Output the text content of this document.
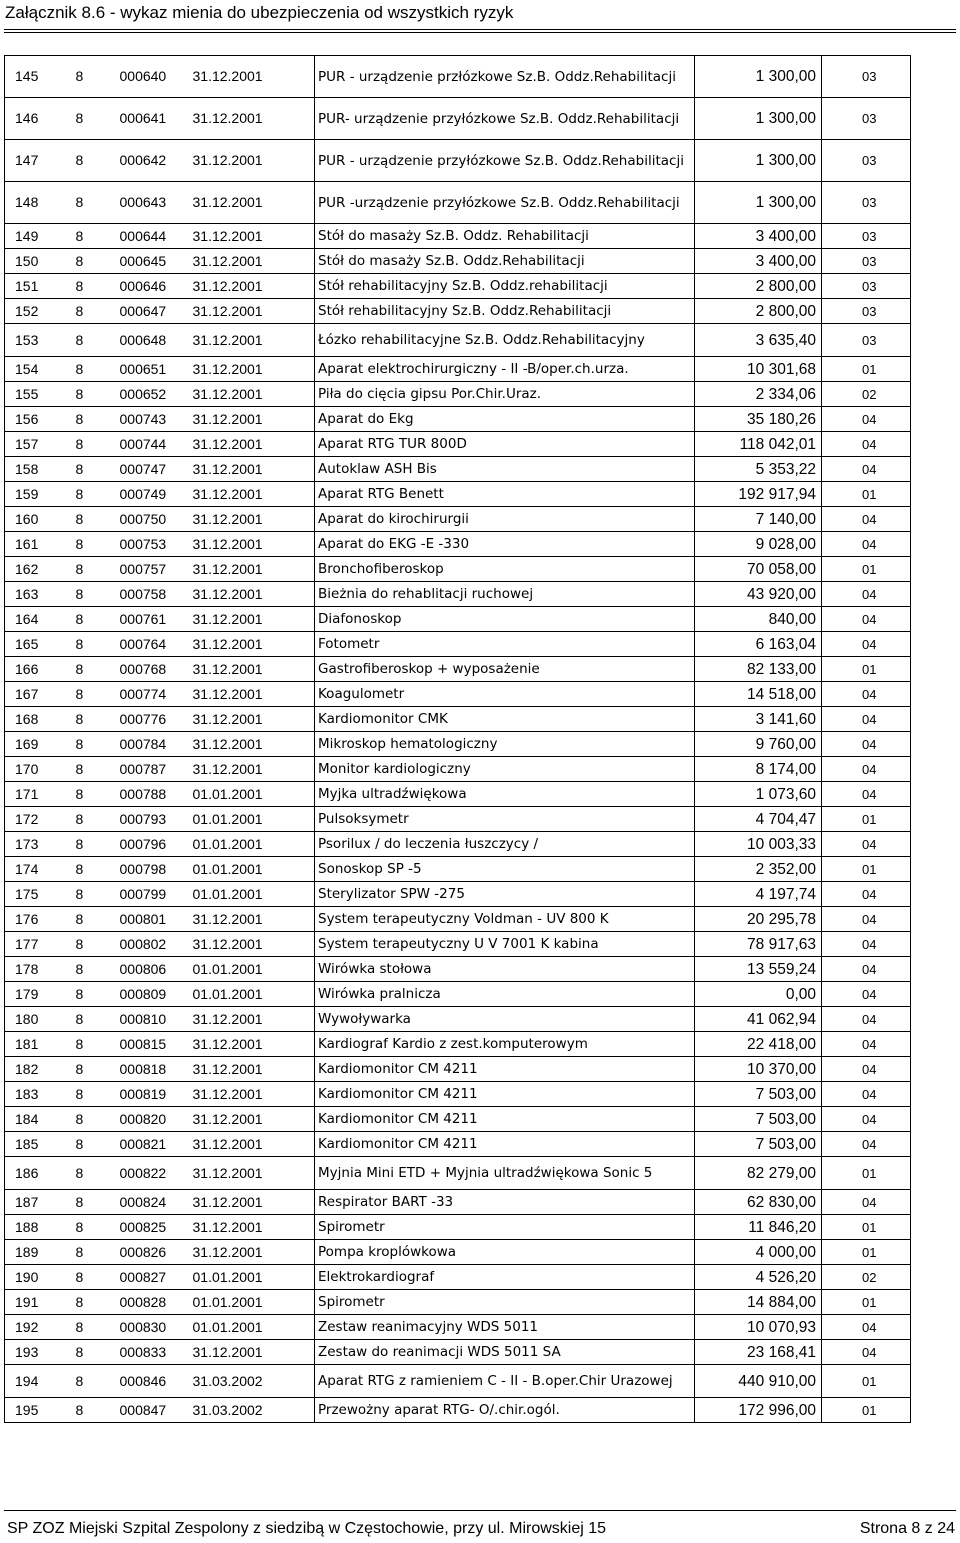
Załącznik 8.6 - wykaz mienia do ubezpieczenia od wszystkich ryzyk
145	8	000640	31.12.2001	PUR - urządzenie przłózkowe Sz.B. Oddz.Rehabilitacji	1 300,00	03
146	8	000641	31.12.2001	PUR- urządzenie przyłózkowe Sz.B. Oddz.Rehabilitacji	1 300,00	03
147	8	000642	31.12.2001	PUR - urządzenie przyłózkowe Sz.B. Oddz.Rehabilitacji	1 300,00	03
148	8	000643	31.12.2001	PUR -urządzenie przyłózkowe Sz.B. Oddz.Rehabilitacji	1 300,00	03
149	8	000644	31.12.2001	Stół do masaży Sz.B. Oddz. Rehabilitacji	3 400,00	03
150	8	000645	31.12.2001	Stół do masaży Sz.B. Oddz.Rehabilitacji	3 400,00	03
151	8	000646	31.12.2001	Stół rehabilitacyjny Sz.B. Oddz.rehabilitacji	2 800,00	03
152	8	000647	31.12.2001	Stół rehabilitacyjny Sz.B. Oddz.Rehabilitacji	2 800,00	03
153	8	000648	31.12.2001	Łózko rehabilitacyjne Sz.B. Oddz.Rehabilitacyjny	3 635,40	03
154	8	000651	31.12.2001	Aparat elektrochirurgiczny - II -B/oper.ch.urza.	10 301,68	01
155	8	000652	31.12.2001	Piła do cięcia gipsu Por.Chir.Uraz.	2 334,06	02
156	8	000743	31.12.2001	Aparat do Ekg	35 180,26	04
157	8	000744	31.12.2001	Aparat RTG TUR 800D	118 042,01	04
158	8	000747	31.12.2001	Autoklaw ASH Bis	5 353,22	04
159	8	000749	31.12.2001	Aparat RTG Benett	192 917,94	01
160	8	000750	31.12.2001	Aparat do kirochirurgii	7 140,00	04
161	8	000753	31.12.2001	Aparat do EKG -E -330	9 028,00	04
162	8	000757	31.12.2001	Bronchofiberoskop	70 058,00	01
163	8	000758	31.12.2001	Bieżnia do rehablitacji ruchowej	43 920,00	04
164	8	000761	31.12.2001	Diafonoskop	840,00	04
165	8	000764	31.12.2001	Fotometr	6 163,04	04
166	8	000768	31.12.2001	Gastrofiberoskop + wyposażenie	82 133,00	01
167	8	000774	31.12.2001	Koagulometr	14 518,00	04
168	8	000776	31.12.2001	Kardiomonitor CMK	3 141,60	04
169	8	000784	31.12.2001	Mikroskop hematologiczny	9 760,00	04
170	8	000787	31.12.2001	Monitor kardiologiczny	8 174,00	04
171	8	000788	01.01.2001	Myjka ultradźwiękowa	1 073,60	04
172	8	000793	01.01.2001	Pulsoksymetr	4 704,47	01
173	8	000796	01.01.2001	Psorilux / do leczenia łuszczycy /	10 003,33	04
174	8	000798	01.01.2001	Sonoskop SP -5	2 352,00	01
175	8	000799	01.01.2001	Sterylizator SPW -275	4 197,74	04
176	8	000801	31.12.2001	System terapeutyczny Voldman - UV 800 K	20 295,78	04
177	8	000802	31.12.2001	System terapeutyczny U V 7001 K kabina	78 917,63	04
178	8	000806	01.01.2001	Wirówka stołowa	13 559,24	04
179	8	000809	01.01.2001	Wirówka pralnicza	0,00	04
180	8	000810	31.12.2001	Wywoływarka	41 062,94	04
181	8	000815	31.12.2001	Kardiograf Kardio z zest.komputerowym	22 418,00	04
182	8	000818	31.12.2001	Kardiomonitor CM 4211	10 370,00	04
183	8	000819	31.12.2001	Kardiomonitor CM 4211	7 503,00	04
184	8	000820	31.12.2001	Kardiomonitor CM 4211	7 503,00	04
185	8	000821	31.12.2001	Kardiomonitor CM 4211	7 503,00	04
186	8	000822	31.12.2001	Myjnia Mini ETD + Myjnia ultradźwiękowa Sonic 5	82 279,00	01
187	8	000824	31.12.2001	Respirator BART -33	62 830,00	04
188	8	000825	31.12.2001	Spirometr	11 846,20	01
189	8	000826	31.12.2001	Pompa kroplówkowa	4 000,00	01
190	8	000827	01.01.2001	Elektrokardiograf	4 526,20	02
191	8	000828	01.01.2001	Spirometr	14 884,00	01
192	8	000830	01.01.2001	Zestaw reanimacyjny WDS 5011	10 070,93	04
193	8	000833	31.12.2001	Zestaw do reanimacji WDS 5011 SA	23 168,41	04
194	8	000846	31.03.2002	Aparat RTG z ramieniem C - II - B.oper.Chir Urazowej	440 910,00	01
195	8	000847	31.03.2002	Przewożny aparat RTG- O/.chir.ogól.	172 996,00	01
SP ZOZ Miejski Szpital Zespolony z siedzibą w Częstochowie, przy ul. Mirowskiej 15	Strona 8 z 24
